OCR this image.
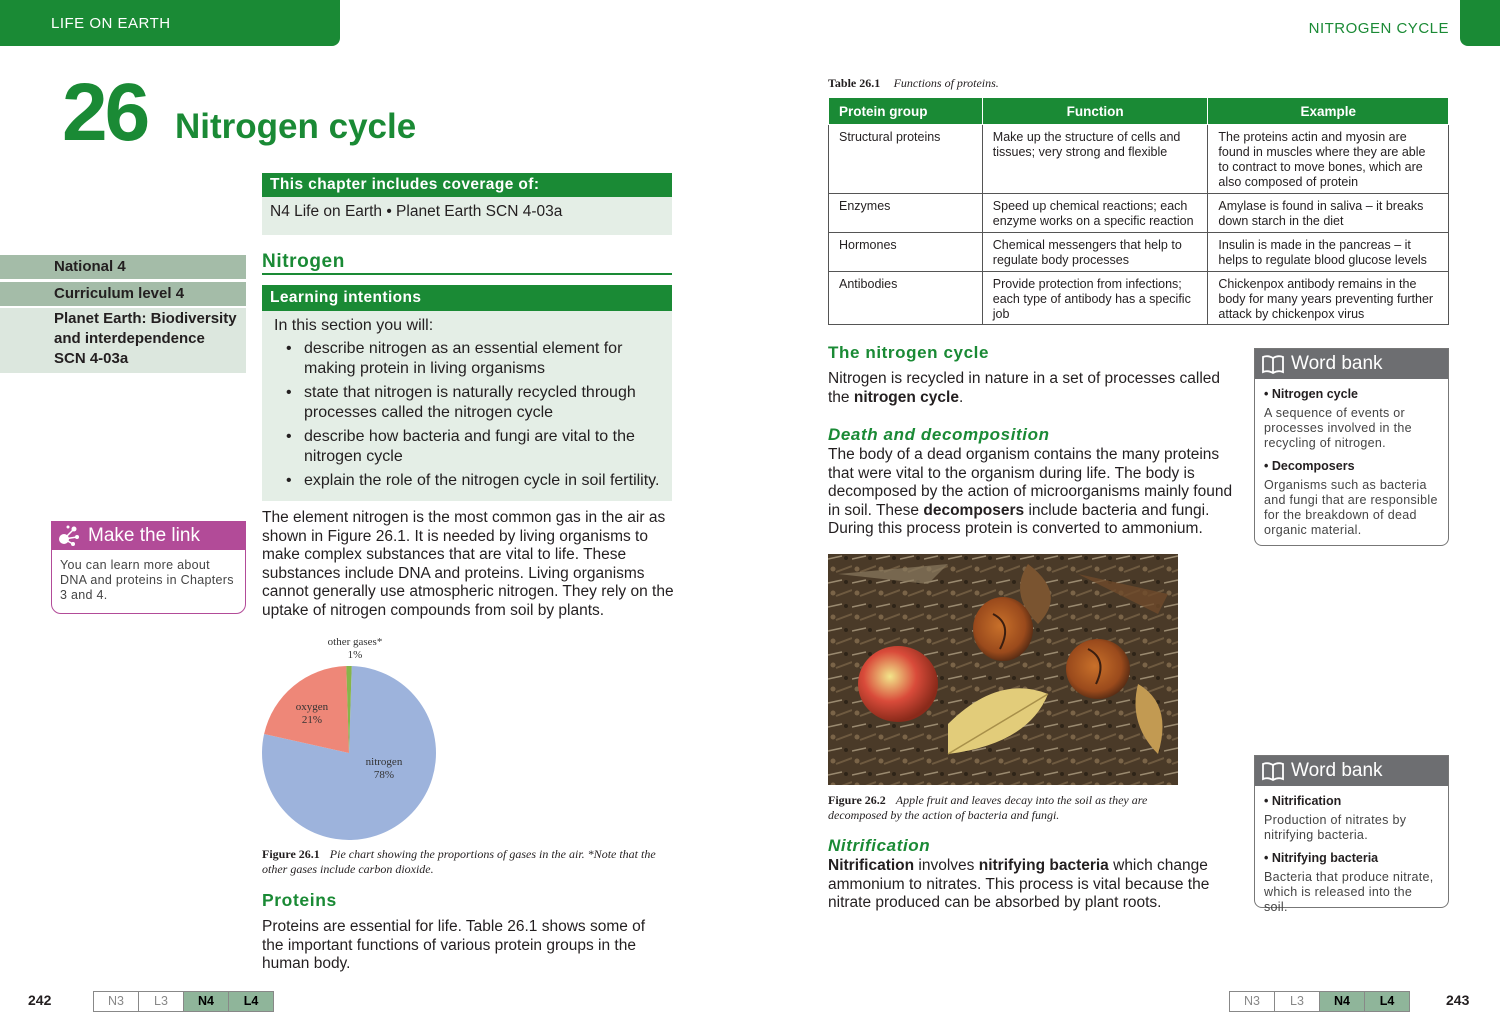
LIFE ON EARTH	NITROGEN CYCLE
26 Nitrogen cycle
This chapter includes coverage of:
N4 Life on Earth • Planet Earth SCN 4-03a
National 4
Curriculum level 4
Planet Earth: Biodiversity and interdependence SCN 4-03a
Nitrogen
Learning intentions
In this section you will:
• describe nitrogen as an essential element for making protein in living organisms
• state that nitrogen is naturally recycled through processes called the nitrogen cycle
• describe how bacteria and fungi are vital to the nitrogen cycle
• explain the role of the nitrogen cycle in soil fertility.
Make the link
You can learn more about DNA and proteins in Chapters 3 and 4.
The element nitrogen is the most common gas in the air as shown in Figure 26.1. It is needed by living organisms to make complex substances that are vital to life. These substances include DNA and proteins. Living organisms cannot generally use atmospheric nitrogen. They rely on the uptake of nitrogen compounds from soil by plants.
nitrogen 78%
oxygen 21%
other gases* 1%
Figure 26.1 Pie chart showing the proportions of gases in the air. *Note that the other gases include carbon dioxide.
Proteins
Proteins are essential for life. Table 26.1 shows some of the important functions of various protein groups in the human body.
242	N3	L3	N4	L4
Table 26.1 Functions of proteins.
Protein group	Function	Example
Structural proteins	Make up the structure of cells and tissues; very strong and flexible	The proteins actin and myosin are found in muscles where they are able to contract to move bones, which are also composed of protein
Enzymes	Speed up chemical reactions; each enzyme works on a specific reaction	Amylase is found in saliva – it breaks down starch in the diet
Hormones	Chemical messengers that help to regulate body processes	Insulin is made in the pancreas – it helps to regulate blood glucose levels
Antibodies	Provide protection from infections; each type of antibody has a specific job	Chickenpox antibody remains in the body for many years preventing further attack by chickenpox virus
The nitrogen cycle
Nitrogen is recycled in nature in a set of processes called the nitrogen cycle.
Death and decomposition
The body of a dead organism contains the many proteins that were vital to the organism during life. The body is decomposed by the action of microorganisms mainly found in soil. These decomposers include bacteria and fungi. During this process protein is converted to ammonium.
Figure 26.2 Apple fruit and leaves decay into the soil as they are decomposed by the action of bacteria and fungi.
Nitrification
Nitrification involves nitrifying bacteria which change ammonium to nitrates. This process is vital because the nitrate produced can be absorbed by plant roots.
Word bank
• Nitrogen cycle
A sequence of events or processes involved in the recycling of nitrogen.
• Decomposers
Organisms such as bacteria and fungi that are responsible for the breakdown of dead organic material.
Word bank
• Nitrification
Production of nitrates by nitrifying bacteria.
• Nitrifying bacteria
Bacteria that produce nitrate, which is released into the soil.
N3	L3	N4	L4	243
